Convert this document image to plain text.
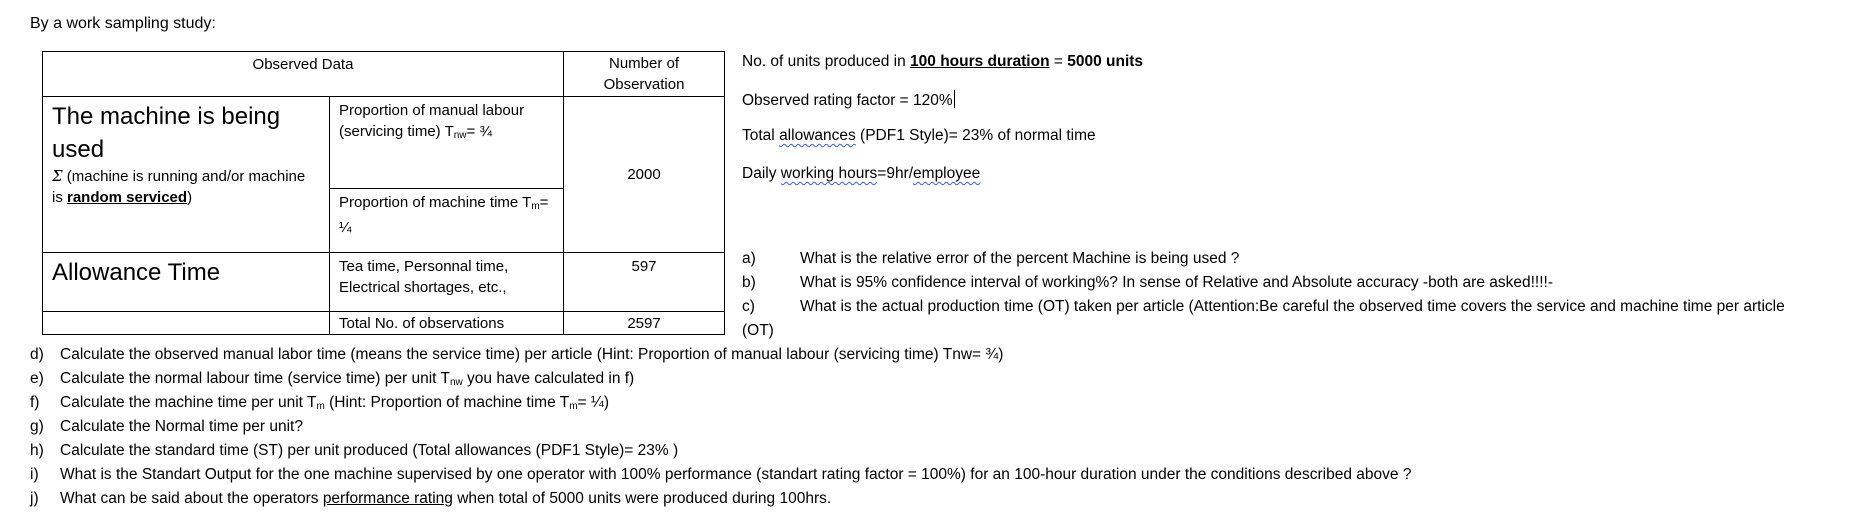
By a work sampling study:
Observed Data		Number of
Observation

The machine is being used
Σ (machine is running and/or machine is random serviced)	Proportion of manual labour (servicing time) $T_{nw}=$ ¾	2000
	Proportion of machine time $T_m=$ ¼	

Allowance Time	Tea time, Personnal time, Electrical shortages, etc.,	597
	Total No. of observations	2597
No. of units produced in 100 hours duration = 5000 units
Observed rating factor = 120%
Total allowances (PDF1 Style)= 23% of normal time
Daily working hours=9hr/employee
a)	What is the relative error of the percent Machine is being used ?
b)	What is 95% confidence interval of working%? In sense of Relative and Absolute accuracy -both are asked!!!!-
c)	What is the actual production time (OT) taken per article (Attention:Be careful the observed time covers the service and machine time per article
(OT)
d) Calculate the observed manual labor time (means the service time) per article (Hint: Proportion of manual labour (servicing time) Tnw= ¾)
e) Calculate the normal labour time (service time) per unit $T_{nw}$ you have calculated in f)
f) Calculate the machine time per unit $T_m$ (Hint: Proportion of machine time $T_m=$ ¼)
g) Calculate the Normal time per unit?
h) Calculate the standard time (ST) per unit produced (Total allowances (PDF1 Style)= 23% )
i) What is the Standart Output for the one machine supervised by one operator with 100% performance (standart rating factor = 100%) for an 100-hour duration under the conditions described above ?
j) What can be said about the operators performance rating when total of 5000 units were produced during 100hrs.
